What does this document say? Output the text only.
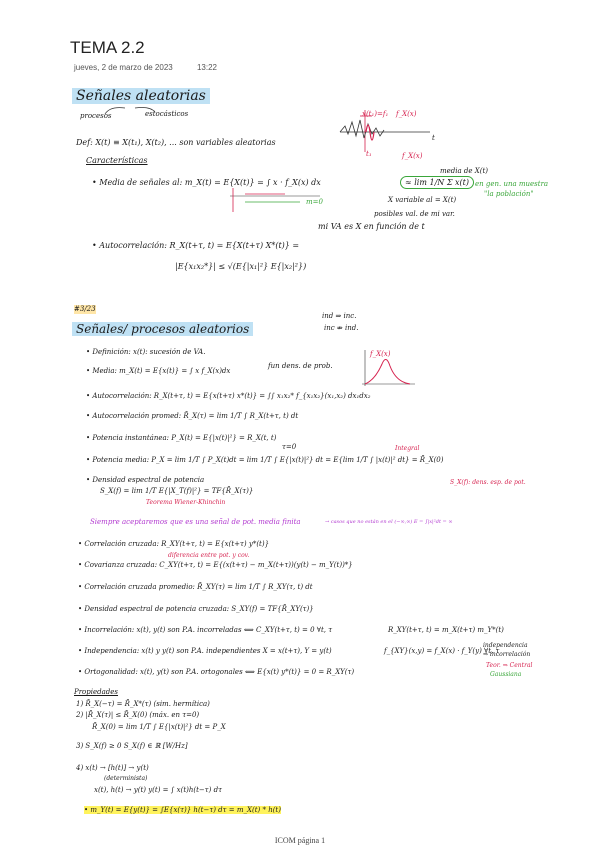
TEMA 2.2
jueves, 2 de marzo de 2023	13:22
Señales aleatorias
procesos	estocásticos
Def: X(t) ≡ X(t₁), X(t₂), ... son variables aleatorias
x(t₁)=f₁ f_X(x)
t
t₁	f_X(x)
Características
• Media de señales al: m_X(t) = E{X(t)} = ∫ x · f_X(x) dx	≈ lim 1/N Σ x(t)
media de X(t)
en gen. una muestra
"la población"
X variable al = X(t)
m=0
posibles val. de mi var.
mi VA es X en función de t
• Autocorrelación: R_X(t+τ, t) = E{X(t+τ) X*(t)} =
|E{x₁x₂*}| ≤ √(E{|x₁|²} E{|x₂|²})
#3/23
ind ⇒ inc.
inc ⇏ ind.
Señales/ procesos aleatorios
• Definición: x(t): sucesión de VA.
• Media: m_X(t) = E{x(t)} = ∫ x f_X(x)dx
fun dens. de prob.
f_X(x)
• Autocorrelación: R_X(t+τ, t) = E{x(t+τ) x*(t)} = ∫∫ x₁x₂* f_{x₁x₂}(x₁,x₂) dx₁dx₂
• Autocorrelación promed: R̄_X(τ) = lim 1/T ∫ R_X(t+τ, t) dt
• Potencia instantánea: P_X(t) = E{|x(t)|²} = R_X(t, t)
τ=0
• Potencia media: P_X = lim 1/T ∫ P_X(t)dt = lim 1/T ∫ E{|x(t)|²} dt = E{lim 1/T ∫ |x(t)|² dt} = R̄_X(0)
Integral
• Densidad espectral de potencia
S_X(f) = lim 1/T E{|X_T(f)|²} = TF{R̄_X(τ)}
Teorema Wiener-Khinchin
S_X(f): dens. esp. de pot.
Siempre aceptaremos que es una señal de pot. media finita	→ casos que no están en el (−∞,∞) E = ∫|x|²dt = ∞
• Correlación cruzada: R_XY(t+τ, t) = E{x(t+τ) y*(t)}
diferencia entre pot. y cov.
• Covarianza cruzada: C_XY(t+τ, t) = E{(x(t+τ) − m_X(t+τ))(y(t) − m_Y(t))*}
• Correlación cruzada promedio: R̄_XY(τ) = lim 1/T ∫ R_XY(τ, t) dt
• Densidad espectral de potencia cruzada: S_XY(f) = TF{R̄_XY(τ)}
• Incorrelación: x(t), y(t) son P.A. incorreladas ⟺ C_XY(t+τ, t) = 0 ∀t, τ	R_XY(t+τ, t) = m_X(t+τ) m_Y*(t)
• Independencia: x(t) y y(t) son P.A. independientes X = x(t+τ), Y = y(t)	f_{XY}(x,y) = f_X(x) · f_Y(y) ∀t, τ
independencia
⇒ incorrelación
Teor. ⇒ Central
Gaussiana
• Ortogonalidad: x(t), y(t) son P.A. ortogonales ⟺ E{x(t) y*(t)} = 0 = R_XY(τ)
Propiedades
1) R̄_X(−τ) = R̄_X*(τ) (sim. hermítica)
2) |R̄_X(τ)| ≤ R̄_X(0) (máx. en τ=0)
R̄_X(0) = lim 1/T ∫ E{|x(t)|²} dt = P_X
3) S_X(f) ≥ 0 S_X(f) ∈ ℝ [W/Hz]
4) x(t) → [h(t)] → y(t)
(determinista)
x(t), h(t) → y(t) y(t) = ∫ x(t)h(t−τ) dτ
• m_Y(t) = E{y(t)} = ∫E{x(τ)} h(t−τ) dτ = m_X(t) * h(t)
ICOM página 1
